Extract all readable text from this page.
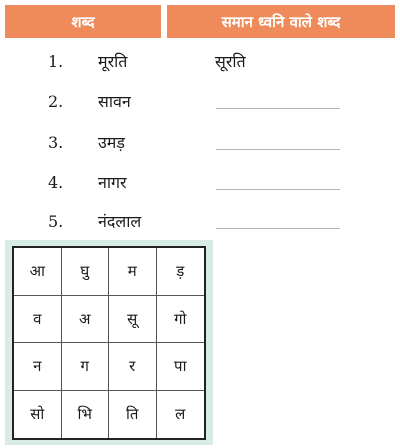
शब्द	समान ध्वनि वाले शब्द
1. मूरति	सूरति
2. सावन
3. उमड़
4. नागर
5. नंदलाल
आ	घु	म	ड़
व	अ	सू	गो
न	ग	र	पा
सो	भि	ति	ल
